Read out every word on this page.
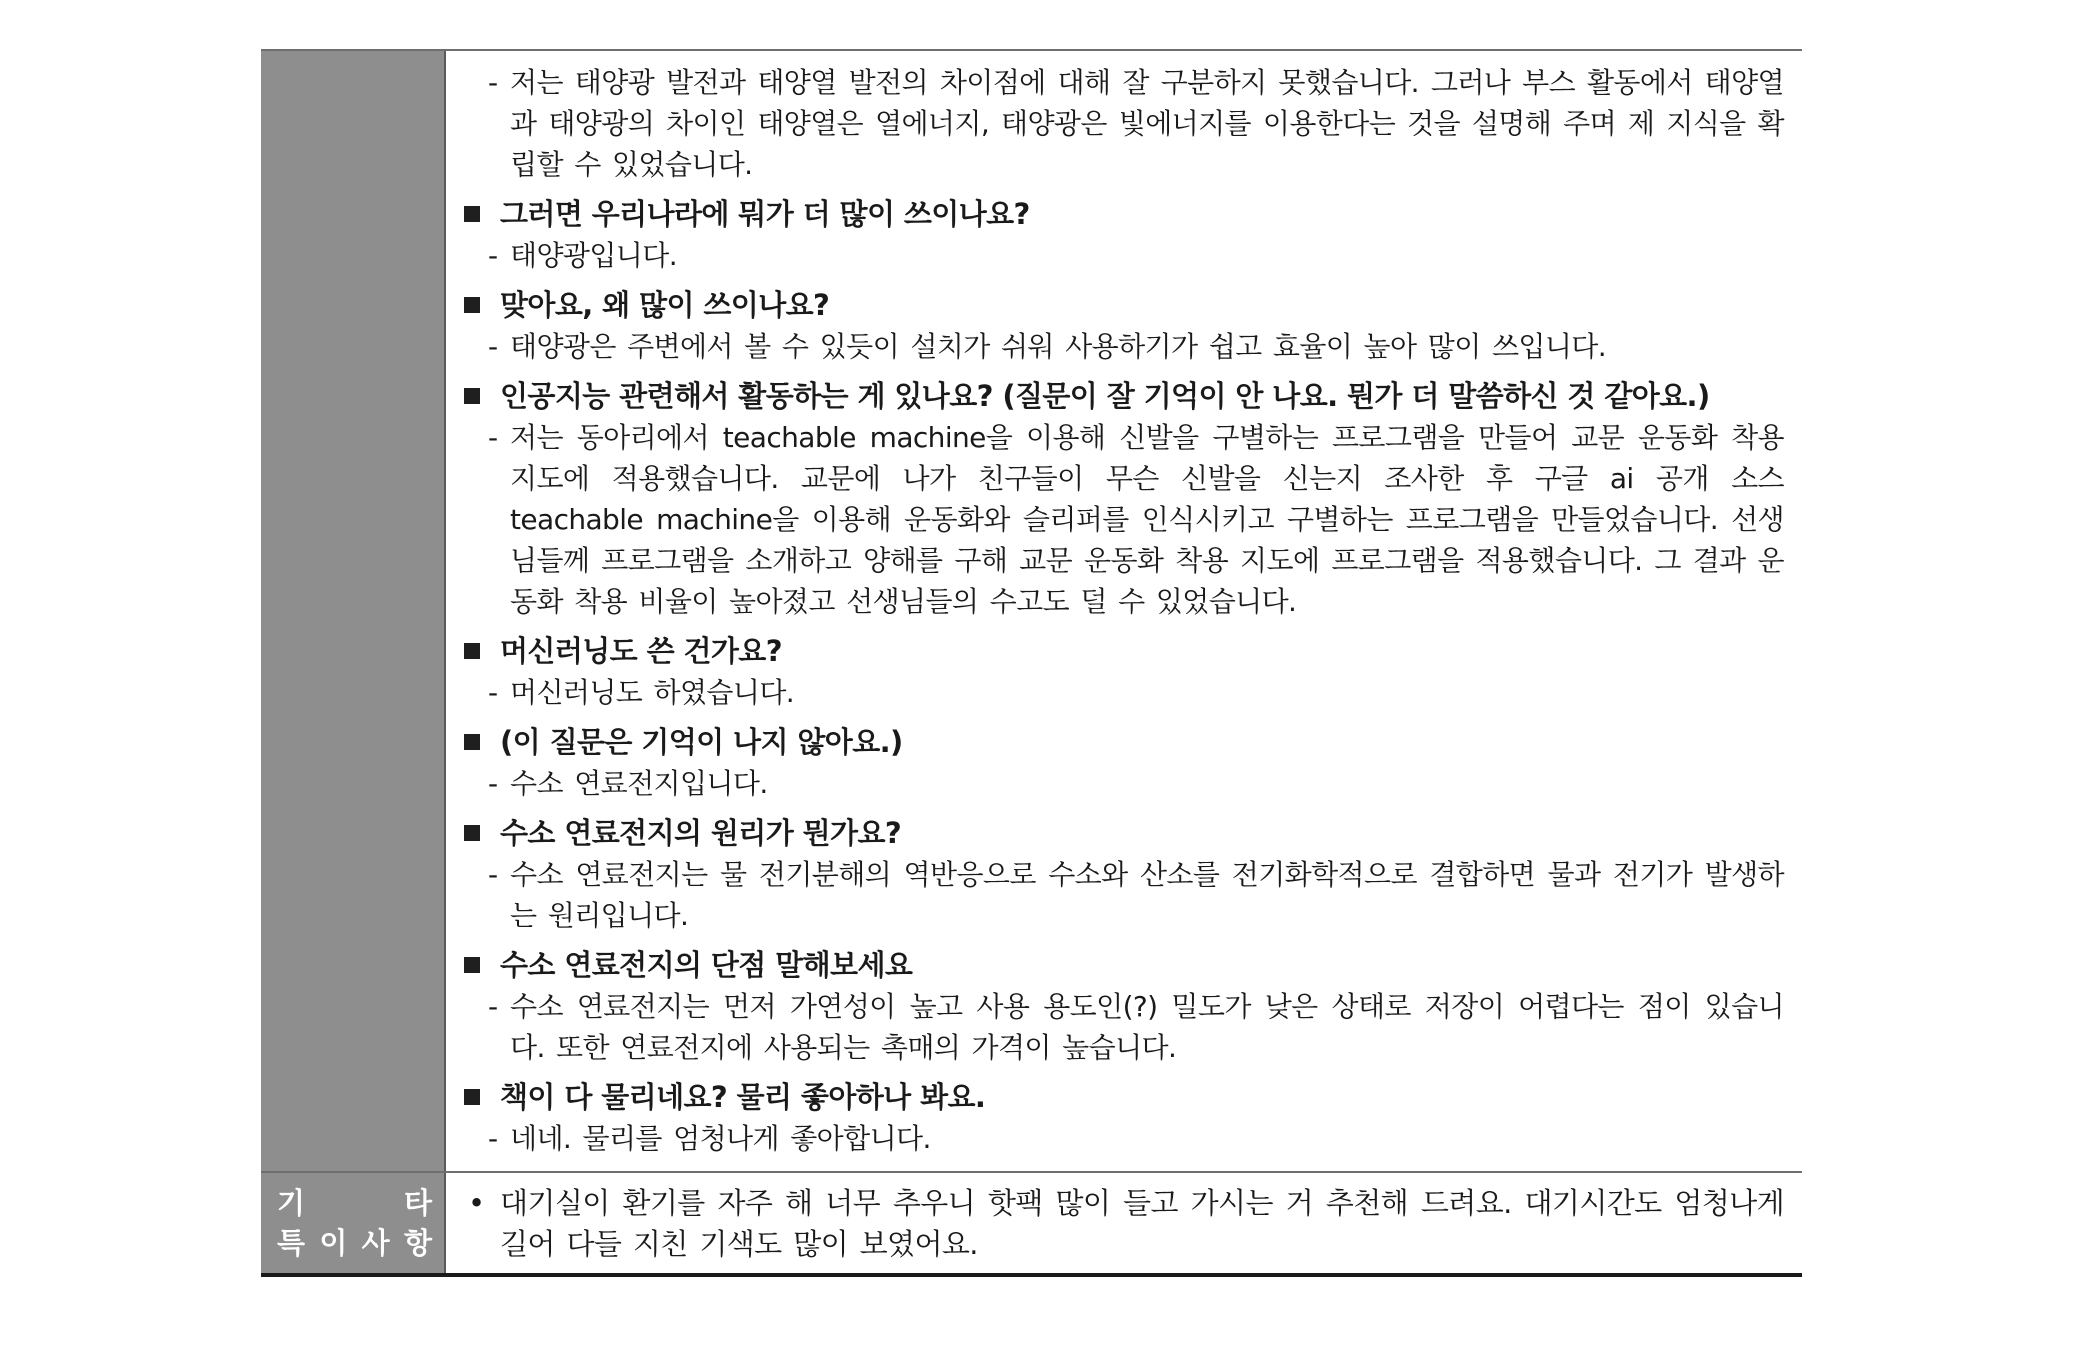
- 저는 태양광 발전과 태양열 발전의 차이점에 대해 잘 구분하지 못했습니다. 그러나 부스 활동에서 태양열과 태양광의 차이인 태양열은 열에너지, 태양광은 빛에너지를 이용한다는 것을 설명해 주며 제 지식을 확립할 수 있었습니다.
그러면 우리나라에 뭐가 더 많이 쓰이나요?
- 태양광입니다.
맞아요, 왜 많이 쓰이나요?
- 태양광은 주변에서 볼 수 있듯이 설치가 쉬워 사용하기가 쉽고 효율이 높아 많이 쓰입니다.
인공지능 관련해서 활동하는 게 있나요? (질문이 잘 기억이 안 나요. 뭔가 더 말씀하신 것 같아요.)
- 저는 동아리에서 teachable machine을 이용해 신발을 구별하는 프로그램을 만들어 교문 운동화 착용 지도에 적용했습니다. 교문에 나가 친구들이 무슨 신발을 신는지 조사한 후 구글 ai 공개 소스 teachable machine을 이용해 운동화와 슬리퍼를 인식시키고 구별하는 프로그램을 만들었습니다. 선생님들께 프로그램을 소개하고 양해를 구해 교문 운동화 착용 지도에 프로그램을 적용했습니다. 그 결과 운동화 착용 비율이 높아졌고 선생님들의 수고도 덜 수 있었습니다.
머신러닝도 쓴 건가요?
- 머신러닝도 하였습니다.
(이 질문은 기억이 나지 않아요.)
- 수소 연료전지입니다.
수소 연료전지의 원리가 뭔가요?
- 수소 연료전지는 물 전기분해의 역반응으로 수소와 산소를 전기화학적으로 결합하면 물과 전기가 발생하는 원리입니다.
수소 연료전지의 단점 말해보세요
- 수소 연료전지는 먼저 가연성이 높고 사용 용도인(?) 밀도가 낮은 상태로 저장이 어렵다는 점이 있습니다. 또한 연료전지에 사용되는 촉매의 가격이 높습니다.
책이 다 물리네요? 물리 좋아하나 봐요.
- 네네. 물리를 엄청나게 좋아합니다.
기	타
특 이 사 항
• 대기실이 환기를 자주 해 너무 추우니 핫팩 많이 들고 가시는 거 추천해 드려요. 대기시간도 엄청나게 길어 다들 지친 기색도 많이 보였어요.
